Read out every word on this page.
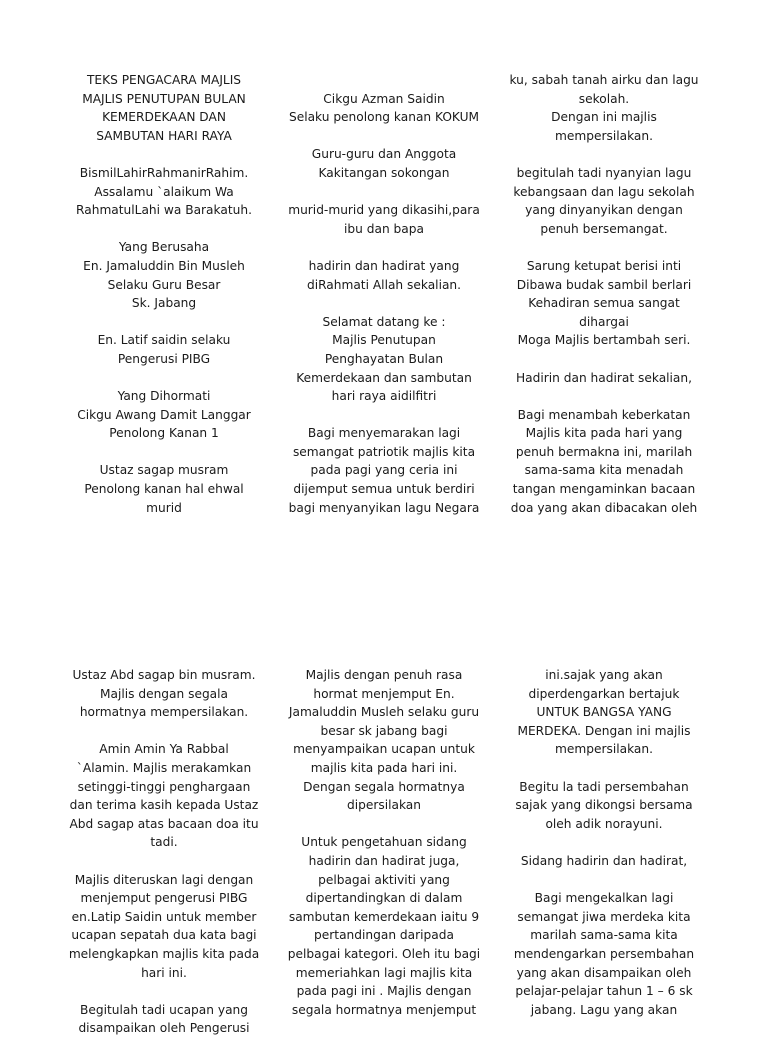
TEKS PENGACARA MAJLIS

MAJLIS PENUTUPAN BULAN

KEMERDEKAAN DAN

SAMBUTAN HARI RAYA

BismilLahirRahmanirRahim.

Assalamu `alaikum Wa

RahmatulLahi wa Barakatuh.

Yang Berusaha

En. Jamaluddin Bin Musleh

Selaku Guru Besar

Sk. Jabang

En. Latif saidin selaku

Pengerusi PIBG

Yang Dihormati

Cikgu Awang Damit Langgar

Penolong Kanan 1

Ustaz sagap musram

Penolong kanan hal ehwal

murid

Cikgu Azman Saidin

Selaku penolong kanan KOKUM

Guru-guru dan Anggota

Kakitangan sokongan

murid-murid yang dikasihi,para

ibu dan bapa

hadirin dan hadirat yang

diRahmati Allah sekalian.

Selamat datang ke :

Majlis Penutupan

Penghayatan Bulan

Kemerdekaan dan sambutan

hari raya aidilfitri

Bagi menyemarakan lagi

semangat patriotik majlis kita

pada pagi yang ceria ini

dijemput semua untuk berdiri

bagi menyanyikan lagu Negara

ku, sabah tanah airku dan lagu

sekolah.

Dengan ini majlis

mempersilakan.

begitulah tadi nyanyian lagu

kebangsaan dan lagu sekolah

yang dinyanyikan dengan

penuh bersemangat.

Sarung ketupat berisi inti

Dibawa budak sambil berlari

Kehadiran semua sangat

dihargai

Moga Majlis bertambah seri.

Hadirin dan hadirat sekalian,

Bagi menambah keberkatan

Majlis kita pada hari yang

penuh bermakna ini, marilah

sama-sama kita menadah

tangan mengaminkan bacaan

doa yang akan dibacakan oleh

Ustaz Abd sagap bin musram.

Majlis dengan segala

hormatnya mempersilakan.

Amin Amin Ya Rabbal

`Alamin. Majlis merakamkan

setinggi-tinggi penghargaan

dan terima kasih kepada Ustaz

Abd sagap atas bacaan doa itu

tadi.

Majlis diteruskan lagi dengan

menjemput pengerusi PIBG

en.Latip Saidin untuk member

ucapan sepatah dua kata bagi

melengkapkan majlis kita pada

hari ini.

Begitulah tadi ucapan yang

disampaikan oleh Pengerusi

Majlis dengan penuh rasa

hormat menjemput En.

Jamaluddin Musleh selaku guru

besar sk jabang bagi

menyampaikan ucapan untuk

majlis kita pada hari ini.

Dengan segala hormatnya

dipersilakan

Untuk pengetahuan sidang

hadirin dan hadirat juga,

pelbagai aktiviti yang

dipertandingkan di dalam

sambutan kemerdekaan iaitu 9

pertandingan daripada

pelbagai kategori. Oleh itu bagi

memeriahkan lagi majlis kita

pada pagi ini . Majlis dengan

segala hormatnya menjemput

ini.sajak yang akan

diperdengarkan bertajuk

UNTUK BANGSA YANG

MERDEKA. Dengan ini majlis

mempersilakan.

Begitu la tadi persembahan

sajak yang dikongsi bersama

oleh adik norayuni.

Sidang hadirin dan hadirat,

Bagi mengekalkan lagi

semangat jiwa merdeka kita

marilah sama-sama kita

mendengarkan persembahan

yang akan disampaikan oleh

pelajar-pelajar tahun 1 – 6 sk

jabang. Lagu yang akan
